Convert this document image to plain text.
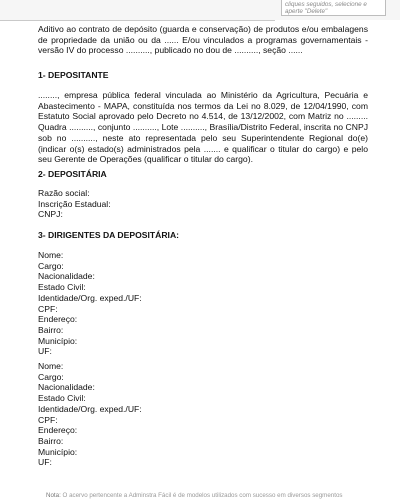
cliques seguidos, selecione e
aperte "Delete"

Aditivo ao contrato de depósito (guarda e conservação) de produtos e/ou embalagens de propriedade da união ou da ...... E/ou vinculados a programas governamentais - versão IV do processo .........., publicado no dou de .........., seção ......

1- DEPOSITANTE

........, empresa pública federal vinculada ao Ministério da Agricultura, Pecuária e Abastecimento - MAPA, constituída nos termos da Lei no 8.029, de 12/04/1990, com Estatuto Social aprovado pelo Decreto no 4.514, de 13/12/2002, com Matriz no ......... Quadra .........., conjunto .........., Lote .........., Brasília/Distrito Federal, inscrita no CNPJ sob no .........., neste ato representada pelo seu Superintendente Regional do(e) (indicar o(s) estado(s) administrados pela ....... e qualificar o titular do cargo) e pelo seu Gerente de Operações (qualificar o titular do cargo).

2- DEPOSITÁRIA

Razão social:
Inscrição Estadual:
CNPJ:

3- DIRIGENTES DA DEPOSITÁRIA:

Nome:
Cargo:
Nacionalidade:
Estado Civil:
Identidade/Org. exped./UF:
CPF:
Endereço:
Bairro:
Município:
UF:
Nome:
Cargo:
Nacionalidade:
Estado Civil:
Identidade/Org. exped./UF:
CPF:
Endereço:
Bairro:
Município:
UF:
Nota: O acervo pertencente a Adminstra Fácil é de modelos utilizados com sucesso em diversos segmentos
